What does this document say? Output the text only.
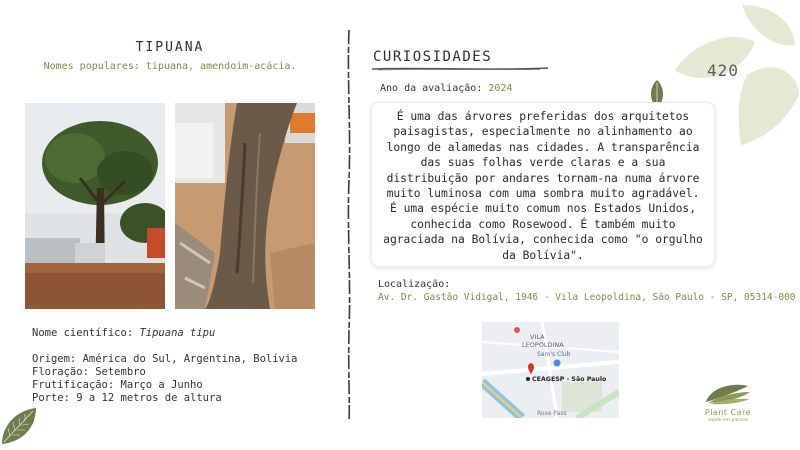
420
TIPUANA
Nomes populares: tipuana, amendoim-acácia.
Nome científico: Tipuana tipu
Origem: América do Sul, Argentina, Bolívia
Floração: Setembro
Frutificação: Março a Junho
Porte: 9 a 12 metros de altura
CURIOSIDADES
Ano da avaliação: 2024
É uma das árvores preferidas dos arquitetos paisagistas, especialmente no alinhamento ao longo de alamedas nas cidades. A transparência das suas folhas verde claras e a sua distribuição por andares tornam-na numa árvore muito luminosa com uma sombra muito agradável. É uma espécie muito comum nos Estados Unidos, conhecida como Rosewood. É também muito agraciada na Bolívia, conhecida como "o orgulho da Bolívia".
Localização:
Av. Dr. Gastão Vidigal, 1946 - Vila Leopoldina, São Paulo - SP, 05314-000
VILA
LEOPOLDINA
Sam's Club
CEAGESP - São Paulo
Rose Pass	Plant Care
saúde em plantas
